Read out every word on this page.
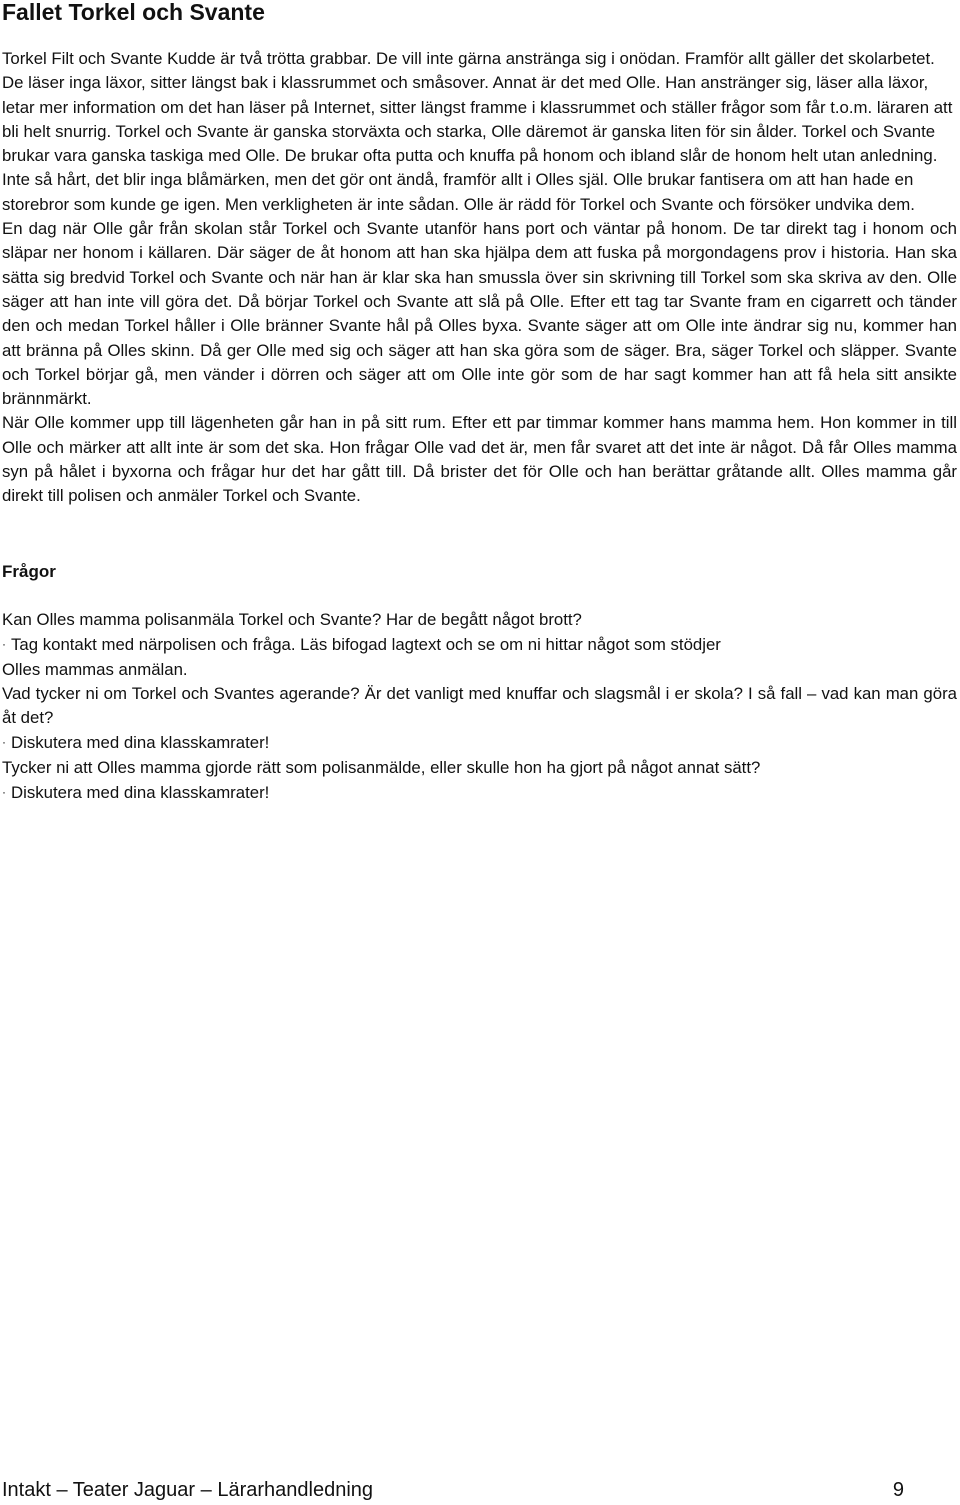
Fallet Torkel och Svante

Torkel Filt och Svante Kudde är två trötta grabbar. De vill inte gärna anstränga sig i onödan. Framför allt gäller det skolarbetet. De läser inga läxor, sitter längst bak i klassrummet och småsover. Annat är det med Olle. Han anstränger sig, läser alla läxor, letar mer information om det han läser på Internet, sitter längst framme i klassrummet och ställer frågor som får t.o.m. läraren att bli helt snurrig. Torkel och Svante är ganska storväxta och starka, Olle däremot är ganska liten för sin ålder. Torkel och Svante brukar vara ganska taskiga med Olle. De brukar ofta putta och knuffa på honom och ibland slår de honom helt utan anledning. Inte så hårt, det blir inga blåmärken, men det gör ont ändå, framför allt i Olles själ. Olle brukar fantisera om att han hade en storebror som kunde ge igen. Men verkligheten är inte sådan. Olle är rädd för Torkel och Svante och försöker undvika dem.

En dag när Olle går från skolan står Torkel och Svante utanför hans port och väntar på honom. De tar direkt tag i honom och släpar ner honom i källaren. Där säger de åt honom att han ska hjälpa dem att fuska på morgondagens prov i historia. Han ska sätta sig bredvid Torkel och Svante och när han är klar ska han smussla över sin skrivning till Torkel som ska skriva av den. Olle säger att han inte vill göra det. Då börjar Torkel och Svante att slå på Olle. Efter ett tag tar Svante fram en cigarrett och tänder den och medan Torkel håller i Olle bränner Svante hål på Olles byxa. Svante säger att om Olle inte ändrar sig nu, kommer han att bränna på Olles skinn. Då ger Olle med sig och säger att han ska göra som de säger. Bra, säger Torkel och släpper. Svante och Torkel börjar gå, men vänder i dörren och säger att om Olle inte gör som de har sagt kommer han att få hela sitt ansikte brännmärkt.

När Olle kommer upp till lägenheten går han in på sitt rum. Efter ett par timmar kommer hans mamma hem. Hon kommer in till Olle och märker att allt inte är som det ska. Hon frågar Olle vad det är, men får svaret att det inte är något. Då får Olles mamma syn på hålet i byxorna och frågar hur det har gått till. Då brister det för Olle och han berättar gråtande allt. Olles mamma går direkt till polisen och anmäler Torkel och Svante.

Frågor

Kan Olles mamma polisanmäla Torkel och Svante? Har de begått något brott?

· Tag kontakt med närpolisen och fråga. Läs bifogad lagtext och se om ni hittar något som stödjer

Olles mammas anmälan.

Vad tycker ni om Torkel och Svantes agerande? Är det vanligt med knuffar och slagsmål i er skola? I så fall – vad kan man göra åt det?

· Diskutera med dina klasskamrater!

Tycker ni att Olles mamma gjorde rätt som polisanmälde, eller skulle hon ha gjort på något annat sätt?

· Diskutera med dina klasskamrater!

Intakt – Teater Jaguar – Lärarhandledning	9
